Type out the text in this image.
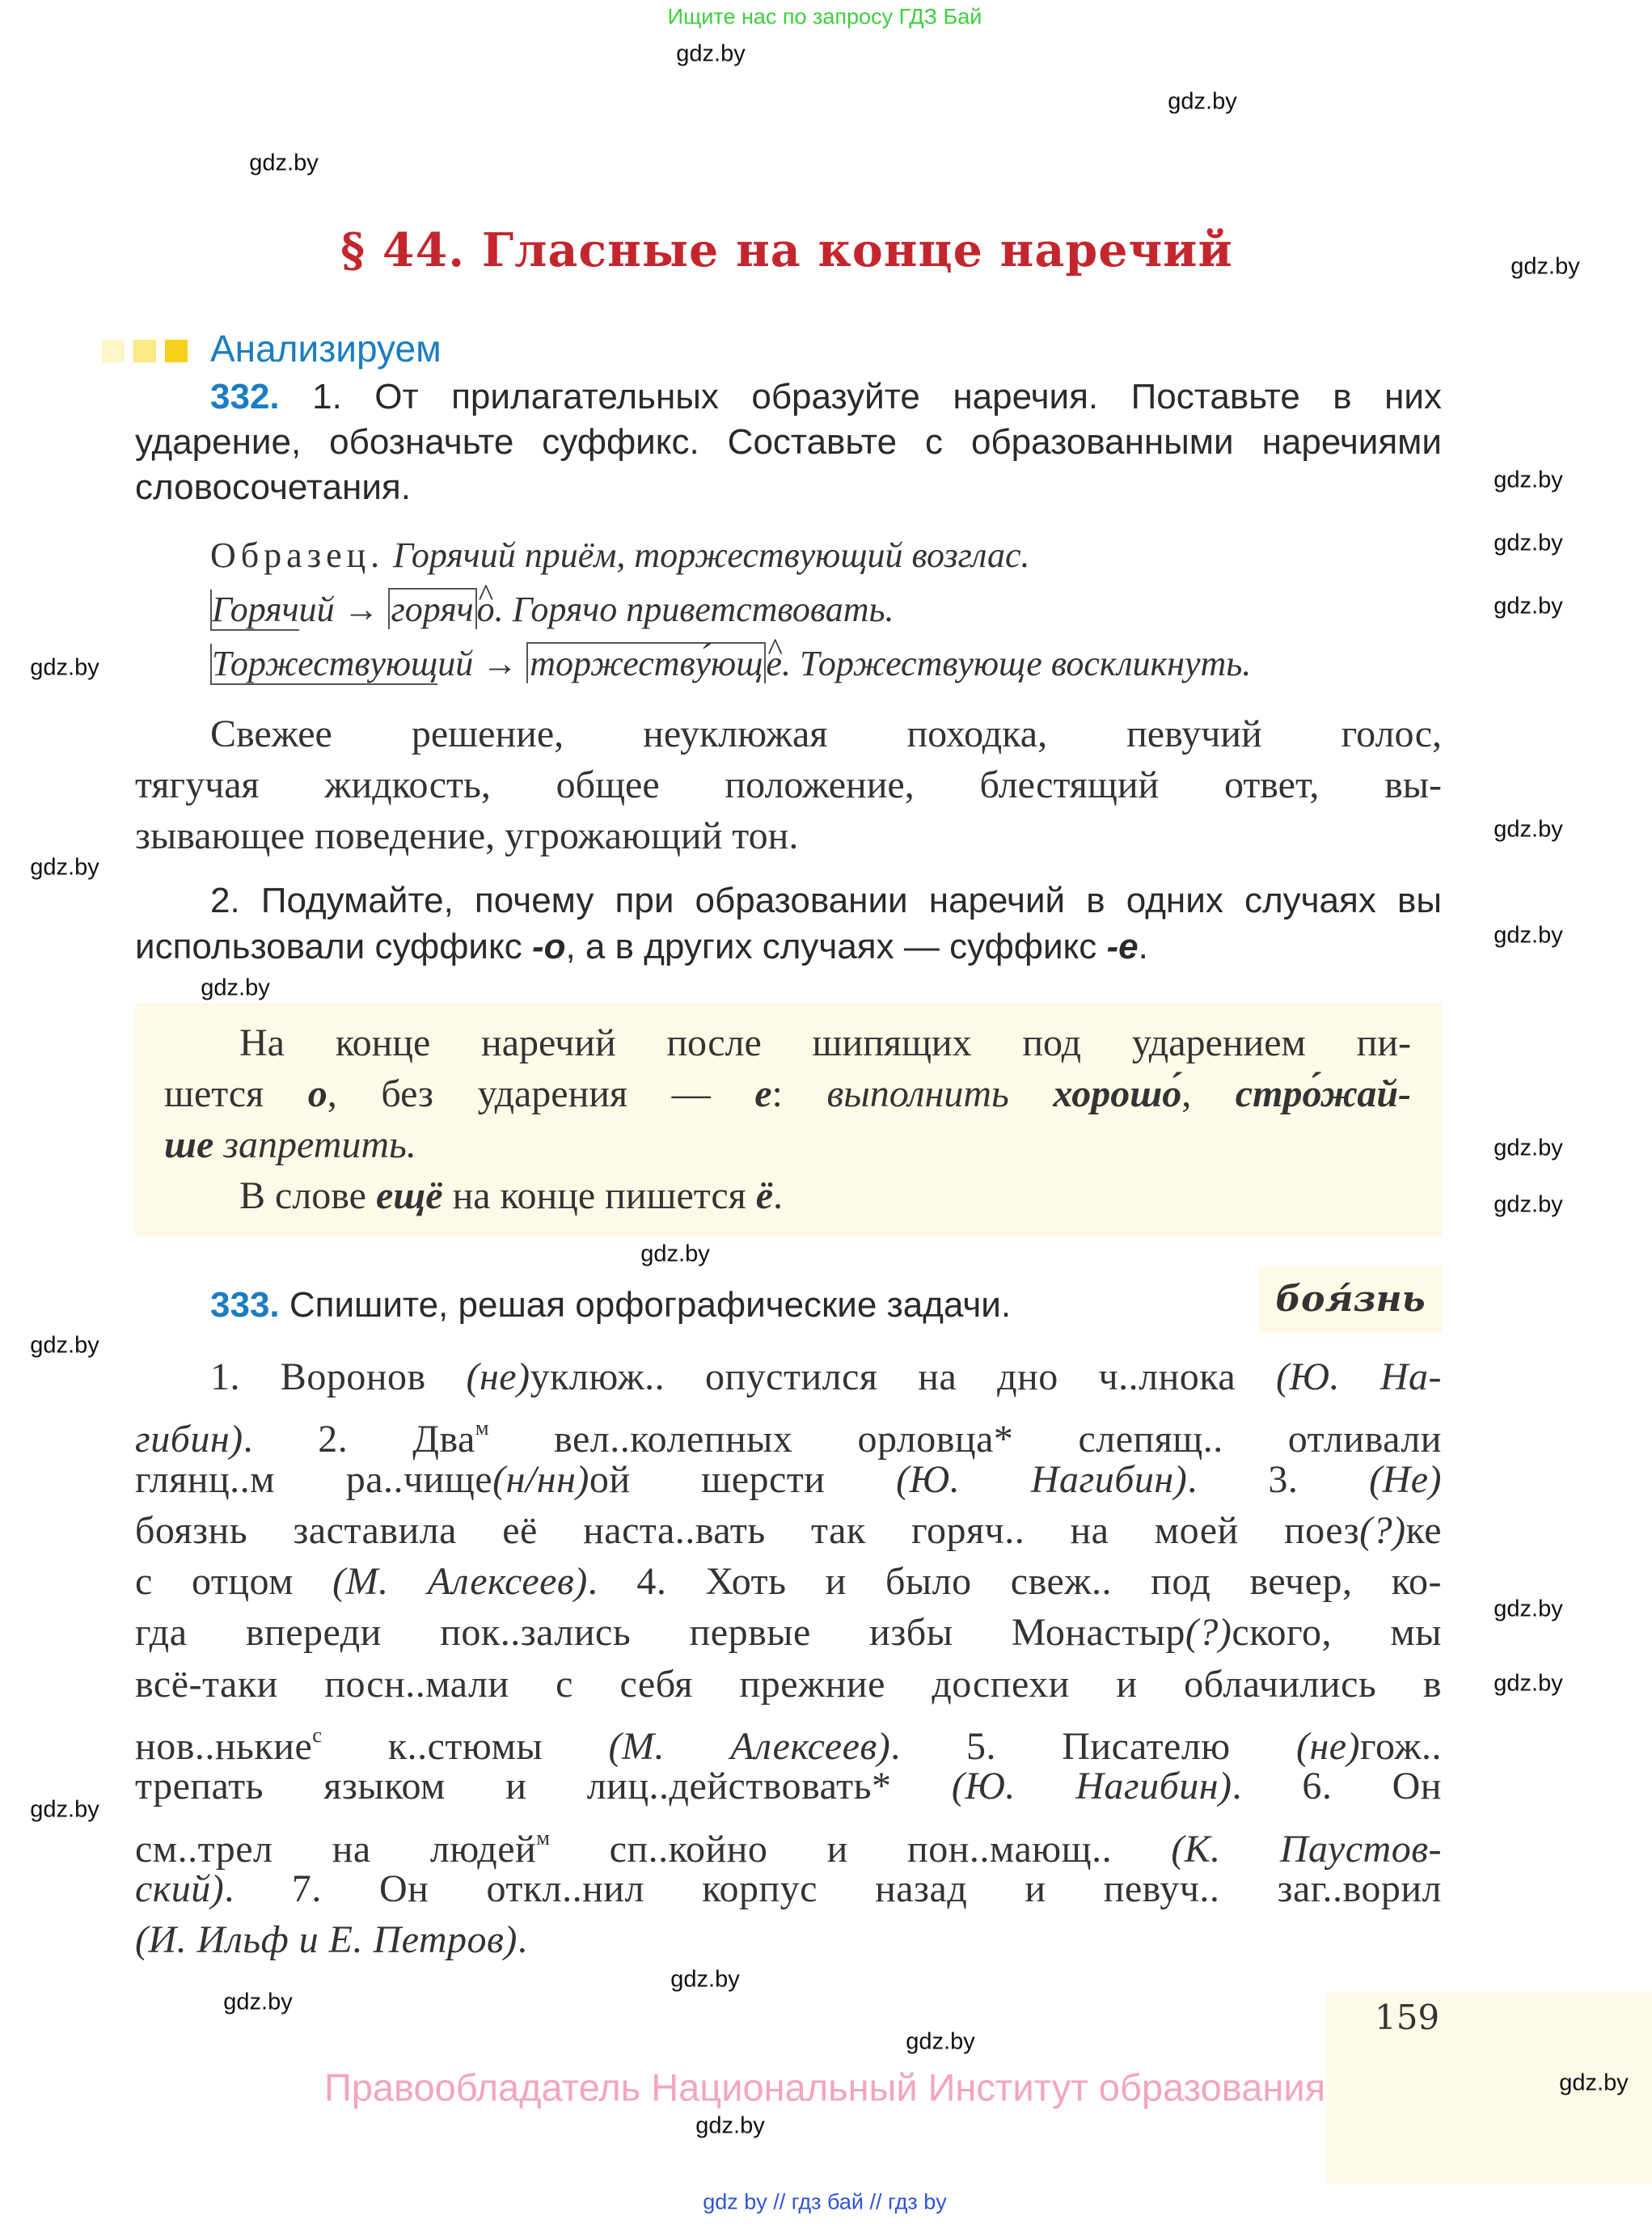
Ищите нас по запросу ГДЗ Бай
§ 44. Гласные на конце наречий
Анализируем
332. 1. От прилагательных образуйте наречия. Поставьте в них
ударение, обозначьте суффикс. Составьте с образованными наречиями
словосочетания.
Образец. Горячий приём, торжествующий возглас.
Горячий → горяч^ о. Горячо приветствовать.
Торжествующий → торжеству́ющ^ е. Торжествующе воскликнуть.
Свежее решение, неуклюжая походка, певучий голос,
тягучая жидкость, общее положение, блестящий ответ, вы-
зывающее поведение, угрожающий тон.
2. Подумайте, почему при образовании наречий в одних случаях вы
использовали суффикс -о, а в других случаях — суффикс -е.
На конце наречий после шипящих под ударением пи-
шется о, без ударения — е: выполнить хорошо́, стро́жай-
ше запретить.
В слове ещё на конце пишется ё.
333. Спишите, решая орфографические задачи.	боя́знь
1. Воронов (не)уклюж.. опустился на дно ч..лнока (Ю. На-
гибин). 2. Два$^м$ вел..колепных орловца* слепящ.. отливали
глянц..м ра..чище(н/нн)ой шерсти (Ю. Нагибин). 3. (Не)
боязнь заставила её наста..вать так горяч.. на моей поез(?)ке
с отцом (М. Алексеев). 4. Хоть и было свеж.. под вечер, ко-
гда впереди пок..зались первые избы Монастыр(?)ского, мы
всё-таки посн..мали с себя прежние доспехи и облачились в
нов..нькие$^с$ к..стюмы (М. Алексеев). 5. Писателю (не)гож..
трепать языком и лиц..действовать* (Ю. Нагибин). 6. Он
см..трел на людей$^м$ сп..койно и пон..мающ.. (К. Паустов-
ский). 7. Он откл..нил корпус назад и певуч.. заг..ворил
(И. Ильф и Е. Петров).
159
Правообладатель Национальный Институт образования
gdz by // гдз бай // гдз by
gdz.by
gdz.by
gdz.by
gdz.by
gdz.by
gdz.by
gdz.by
gdz.by
gdz.by
gdz.by
gdz.by
gdz.by
gdz.by
gdz.by
gdz.by
gdz.by
gdz.by
gdz.by
gdz.by
gdz.by
gdz.by
gdz.by
gdz.by
gdz.by
